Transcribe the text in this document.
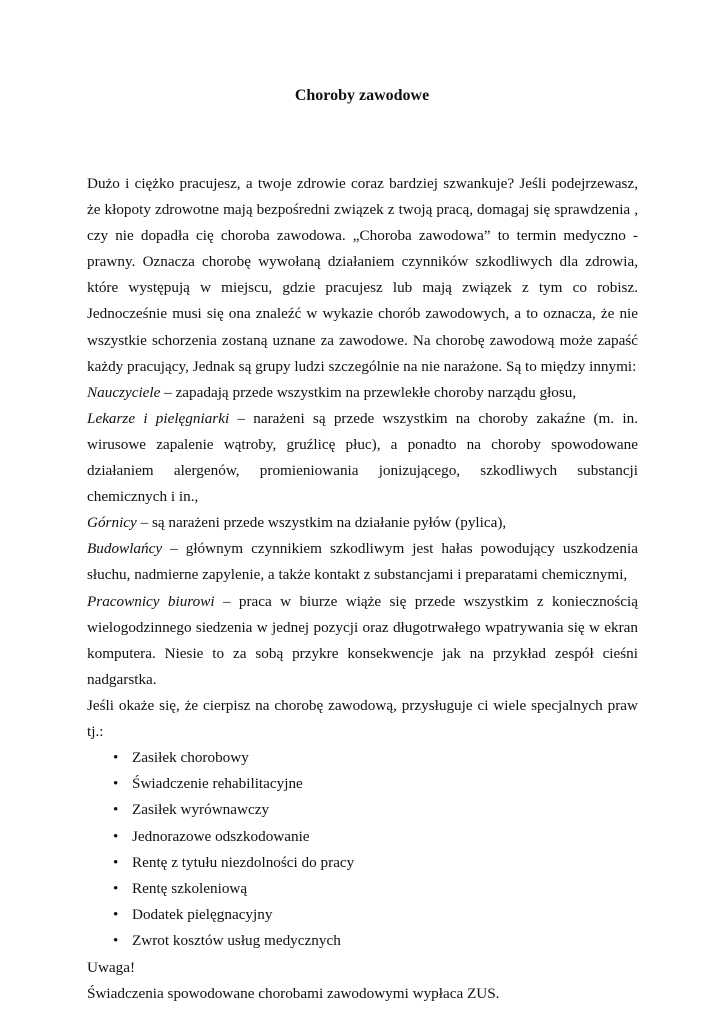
Choroby zawodowe

Dużo i ciężko pracujesz, a twoje zdrowie coraz bardziej szwankuje? Jeśli podejrzewasz, że kłopoty zdrowotne mają bezpośredni związek z twoją pracą, domagaj się sprawdzenia , czy nie dopadła cię choroba zawodowa. „Choroba zawodowa” to termin medyczno - prawny. Oznacza chorobę wywołaną działaniem czynników szkodliwych dla zdrowia, które występują w miejscu, gdzie pracujesz lub mają związek z tym co robisz. Jednocześnie musi się ona znaleźć w wykazie chorób zawodowych, a to oznacza, że nie wszystkie schorzenia zostaną uznane za zawodowe. Na chorobę zawodową może zapaść każdy pracujący, Jednak są grupy ludzi szczególnie na nie narażone. Są to między innymi:

Nauczyciele – zapadają przede wszystkim na przewlekłe choroby narządu głosu,

Lekarze i pielęgniarki – narażeni są przede wszystkim na choroby zakaźne (m. in. wirusowe zapalenie wątroby, gruźlicę płuc), a ponadto na choroby spowodowane działaniem alergenów, promieniowania jonizującego, szkodliwych substancji chemicznych i in.,

Górnicy – są narażeni przede wszystkim na działanie pyłów (pylica),

Budowlańcy – głównym czynnikiem szkodliwym jest hałas powodujący uszkodzenia słuchu, nadmierne zapylenie, a także kontakt z substancjami i preparatami chemicznymi,

Pracownicy biurowi – praca w biurze wiąże się przede wszystkim z koniecznością wielogodzinnego siedzenia w jednej pozycji oraz długotrwałego wpatrywania się w ekran komputera. Niesie to za sobą przykre konsekwencje jak na przykład zespół cieśni nadgarstka.

Jeśli okaże się, że cierpisz na chorobę zawodową, przysługuje ci wiele specjalnych praw tj.:

• Zasiłek chorobowy
• Świadczenie rehabilitacyjne
• Zasiłek wyrównawczy
• Jednorazowe odszkodowanie
• Rentę z tytułu niezdolności do pracy
• Rentę szkoleniową
• Dodatek pielęgnacyjny
• Zwrot kosztów usług medycznych

Uwaga!

Świadczenia spowodowane chorobami zawodowymi wypłaca ZUS.
